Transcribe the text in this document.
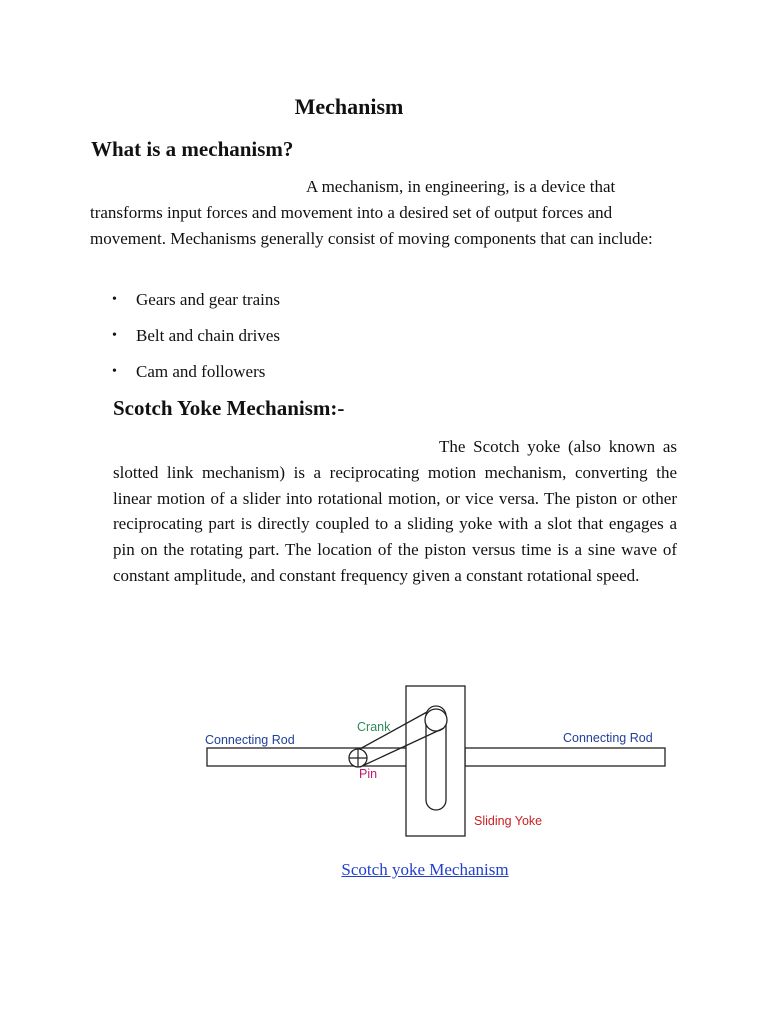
Mechanism
What is a mechanism?

A mechanism, in engineering, is a device that transforms input forces and movement into a desired set of output forces and movement. Mechanisms generally consist of moving components that can include:

• Gears and gear trains
• Belt and chain drives
• Cam and followers
Scotch Yoke Mechanism:-

The Scotch yoke (also known as slotted link mechanism) is a reciprocating motion mechanism, converting the linear motion of a slider into rotational motion, or vice versa. The piston or other reciprocating part is directly coupled to a sliding yoke with a slot that engages a pin on the rotating part. The location of the piston versus time is a sine wave of constant amplitude, and constant frequency given a constant rotational speed.

Connecting Rod	Connecting Rod
Crank
Pin
Sliding Yoke

Scotch yoke Mechanism
